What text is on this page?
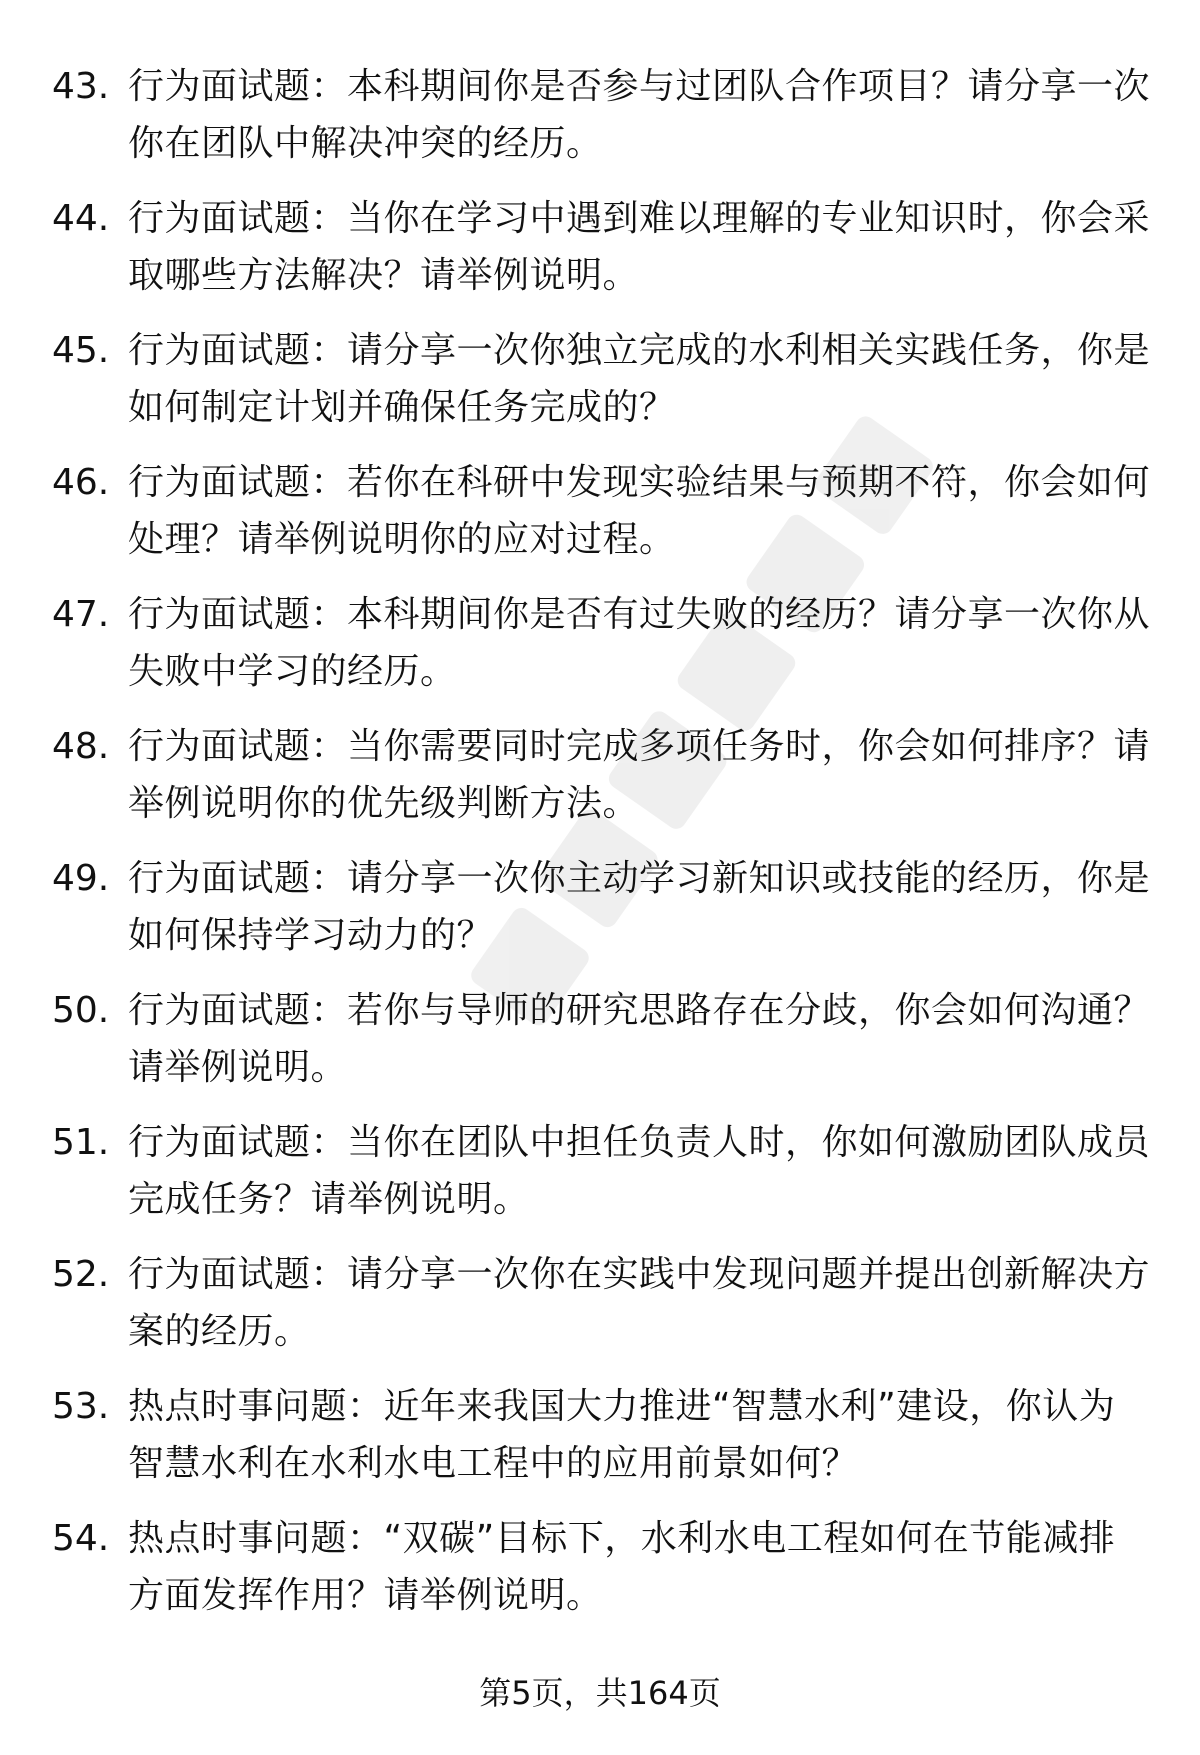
43. 行为面试题：本科期间你是否参与过团队合作项目？请分享一次
你在团队中解决冲突的经历。
44. 行为面试题：当你在学习中遇到难以理解的专业知识时，你会采
取哪些方法解决？请举例说明。
45. 行为面试题：请分享一次你独立完成的水利相关实践任务，你是
如何制定计划并确保任务完成的？
46. 行为面试题：若你在科研中发现实验结果与预期不符，你会如何
处理？请举例说明你的应对过程。
47. 行为面试题：本科期间你是否有过失败的经历？请分享一次你从
失败中学习的经历。
48. 行为面试题：当你需要同时完成多项任务时，你会如何排序？请
举例说明你的优先级判断方法。
49. 行为面试题：请分享一次你主动学习新知识或技能的经历，你是
如何保持学习动力的？
50. 行为面试题：若你与导师的研究思路存在分歧，你会如何沟通？
请举例说明。
51. 行为面试题：当你在团队中担任负责人时，你如何激励团队成员
完成任务？请举例说明。
52. 行为面试题：请分享一次你在实践中发现问题并提出创新解决方
案的经历。
53. 热点时事问题：近年来我国大力推进“智慧水利”建设，你认为
智慧水利在水利水电工程中的应用前景如何？
54. 热点时事问题：“双碳”目标下，水利水电工程如何在节能减排
方面发挥作用？请举例说明。
第5页，共164页
